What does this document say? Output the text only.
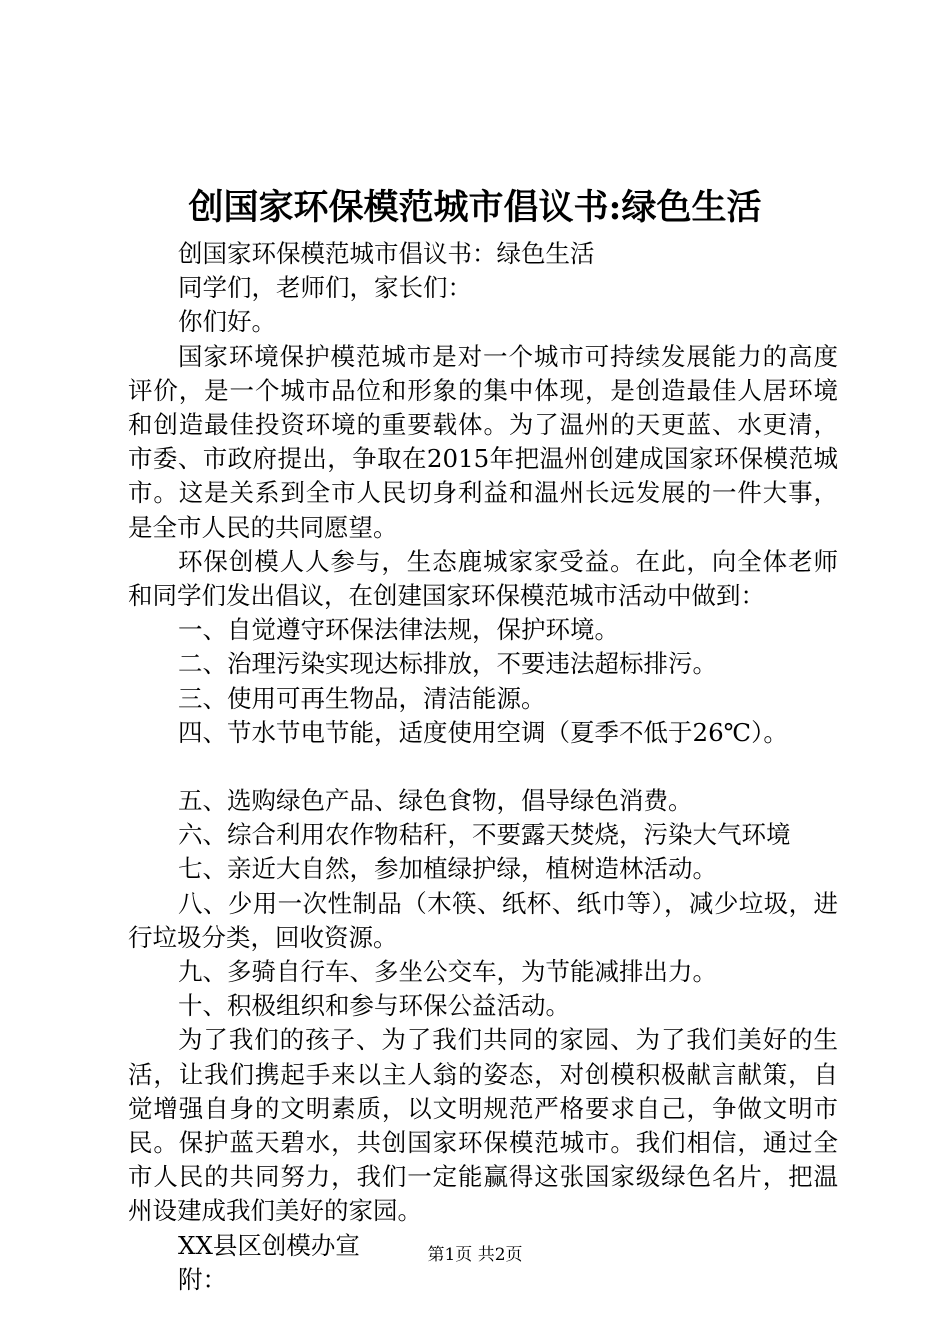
创国家环保模范城市倡议书:绿色生活

创国家环保模范城市倡议书：绿色生活

同学们，老师们，家长们：

你们好。

国家环境保护模范城市是对一个城市可持续发展能力的高度评价，是一个城市品位和形象的集中体现，是创造最佳人居环境和创造最佳投资环境的重要载体。为了温州的天更蓝、水更清，市委、市政府提出，争取在2015年把温州创建成国家环保模范城市。这是关系到全市人民切身利益和温州长远发展的一件大事，是全市人民的共同愿望。

环保创模人人参与，生态鹿城家家受益。在此，向全体老师和同学们发出倡议，在创建国家环保模范城市活动中做到：

一、自觉遵守环保法律法规，保护环境。

二、治理污染实现达标排放，不要违法超标排污。

三、使用可再生物品，清洁能源。

四、节水节电节能，适度使用空调（夏季不低于26℃）。

五、选购绿色产品、绿色食物，倡导绿色消费。

六、综合利用农作物秸秆，不要露天焚烧，污染大气环境

七、亲近大自然，参加植绿护绿，植树造林活动。

八、少用一次性制品（木筷、纸杯、纸巾等），减少垃圾，进行垃圾分类，回收资源。

九、多骑自行车、多坐公交车，为节能减排出力。

十、积极组织和参与环保公益活动。

为了我们的孩子、为了我们共同的家园、为了我们美好的生活，让我们携起手来以主人翁的姿态，对创模积极献言献策，自觉增强自身的文明素质，以文明规范严格要求自己，争做文明市民。保护蓝天碧水，共创国家环保模范城市。我们相信，通过全市人民的共同努力，我们一定能赢得这张国家级绿色名片，把温州设建成我们美好的家园。

XX县区创模办宣

附：

第1页 共2页
